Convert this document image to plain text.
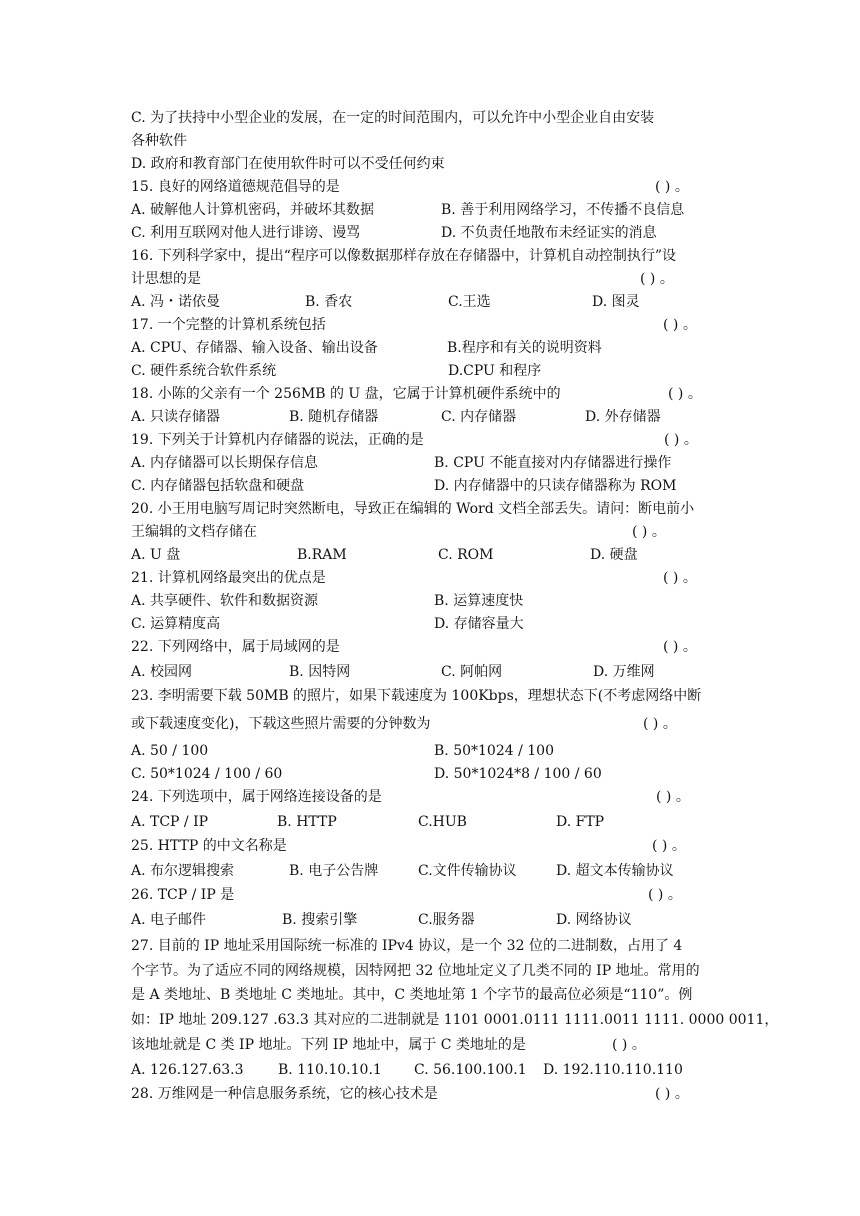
C. 为了扶持中小型企业的发展，在一定的时间范围内，可以允许中小型企业自由安装
各种软件
D. 政府和教育部门在使用软件时可以不受任何约束
15. 良好的网络道德规范倡导的是	( ) 。
A. 破解他人计算机密码，并破坏其数据	B. 善于利用网络学习，不传播不良信息
C. 利用互联网对他人进行诽谤、谩骂	D. 不负责任地散布未经证实的消息
16. 下列科学家中，提出“程序可以像数据那样存放在存储器中，计算机自动控制执行”设
计思想的是	( ) 。
A. 冯・诺依曼	B. 香农	C.王选	D. 图灵
17. 一个完整的计算机系统包括	( ) 。
A. CPU、存储器、输入设备、输出设备	B.程序和有关的说明资料
C. 硬件系统合软件系统	D.CPU 和程序
18. 小陈的父亲有一个 256MB 的 U 盘，它属于计算机硬件系统中的	( ) 。
A. 只读存储器	B. 随机存储器	C. 内存储器	D. 外存储器
19. 下列关于计算机内存储器的说法，正确的是	( ) 。
A. 内存储器可以长期保存信息	B. CPU 不能直接对内存储器进行操作
C. 内存储器包括软盘和硬盘	D. 内存储器中的只读存储器称为 ROM
20. 小王用电脑写周记时突然断电，导致正在编辑的 Word 文档全部丢失。请问：断电前小
王编辑的文档存储在	( ) 。
A. U 盘	B.RAM	C. ROM	D. 硬盘
21. 计算机网络最突出的优点是	( ) 。
A. 共享硬件、软件和数据资源	B. 运算速度快
C. 运算精度高	D. 存储容量大
22. 下列网络中，属于局域网的是	( ) 。
A. 校园网	B. 因特网	C. 阿帕网	D. 万维网
23. 李明需要下载 50MB 的照片，如果下载速度为 100Kbps，理想状态下(不考虑网络中断
或下载速度变化)，下载这些照片需要的分钟数为	( ) 。
A. 50 / 100	B. 50*1024 / 100
C. 50*1024 / 100 / 60	D. 50*1024*8 / 100 / 60
24. 下列选项中，属于网络连接设备的是	( ) 。
A. TCP / IP	B. HTTP	C.HUB	D. FTP
25. HTTP 的中文名称是	( ) 。
A. 布尔逻辑搜索	B. 电子公告牌	C.文件传输协议	D. 超文本传输协议
26. TCP / IP 是	( ) 。
A. 电子邮件	B. 搜索引擎	C.服务器	D. 网络协议
27. 目前的 IP 地址采用国际统一标准的 IPv4 协议，是一个 32 位的二进制数，占用了 4
个字节。为了适应不同的网络规模，因特网把 32 位地址定义了几类不同的 IP 地址。常用的
是 A 类地址、B 类地址 C 类地址。其中，C 类地址第 1 个字节的最高位必须是“110”。例
如：IP 地址 209.127 .63.3 其对应的二进制就是 1101 0001.0111 1111.0011 1111. 0000 0011，
该地址就是 C 类 IP 地址。下列 IP 地址中，属于 C 类地址的是	( ) 。
A. 126.127.63.3 B. 110.10.10.1 C. 56.100.100.1 D. 192.110.110.110
28. 万维网是一种信息服务系统，它的核心技术是	( ) 。
